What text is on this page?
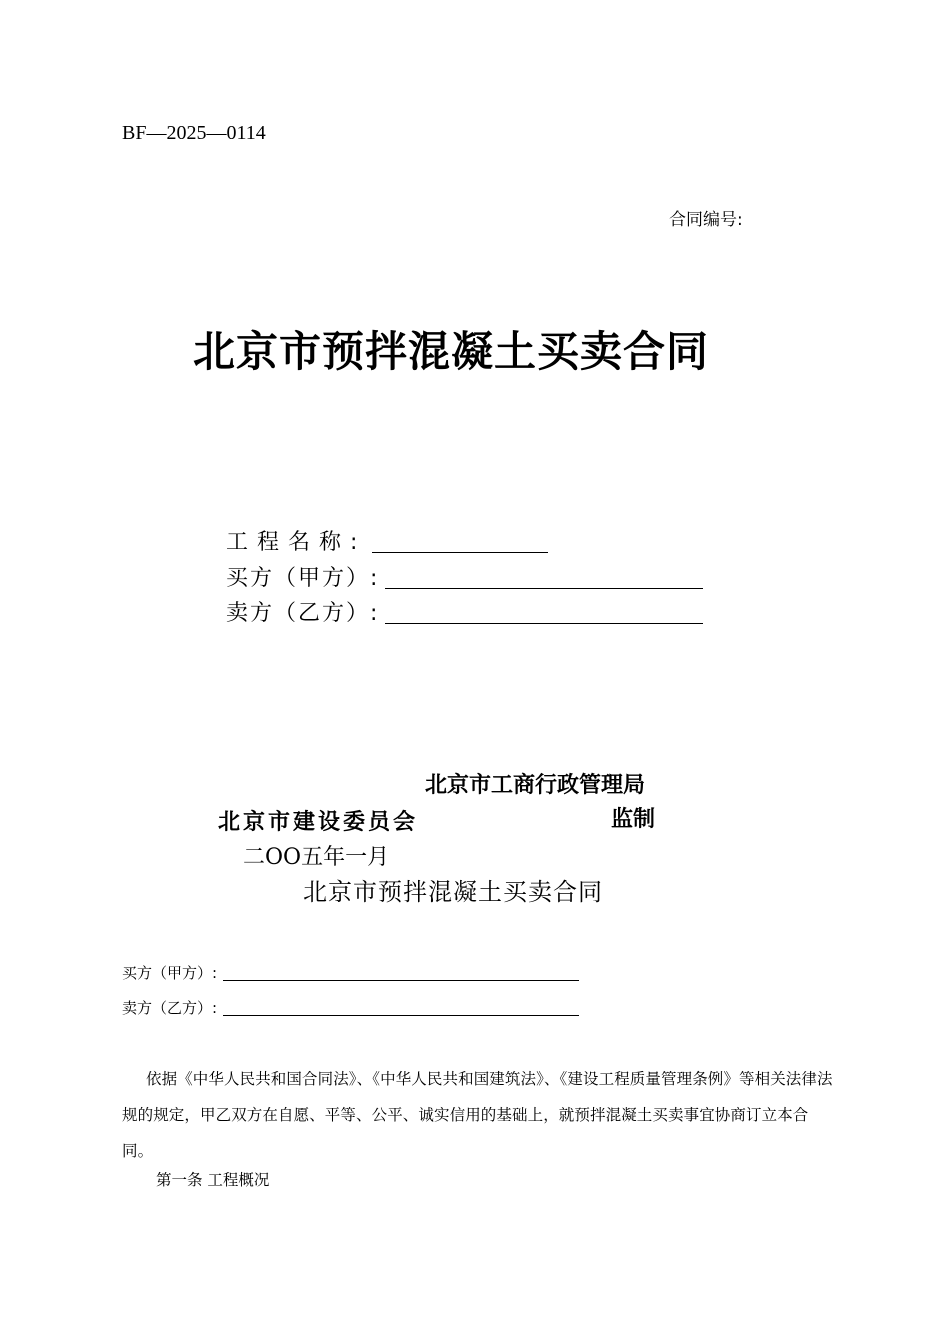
BF—2025—0114
合同编号:
北京市预拌混凝土买卖合同
工程名称:
买方（甲方）:
卖方（乙方）:
北京市工商行政管理局
北京市建设委员会	监制
二OO五年一月
北京市预拌混凝土买卖合同
买方（甲方）:
卖方（乙方）:
依据《中华人民共和国合同法》、《中华人民共和国建筑法》、《建设工程质量管理条例》等相关法律法规的规定，甲乙双方在自愿、平等、公平、诚实信用的基础上，就预拌混凝土买卖事宜协商订立本合同。
第一条 工程概况
